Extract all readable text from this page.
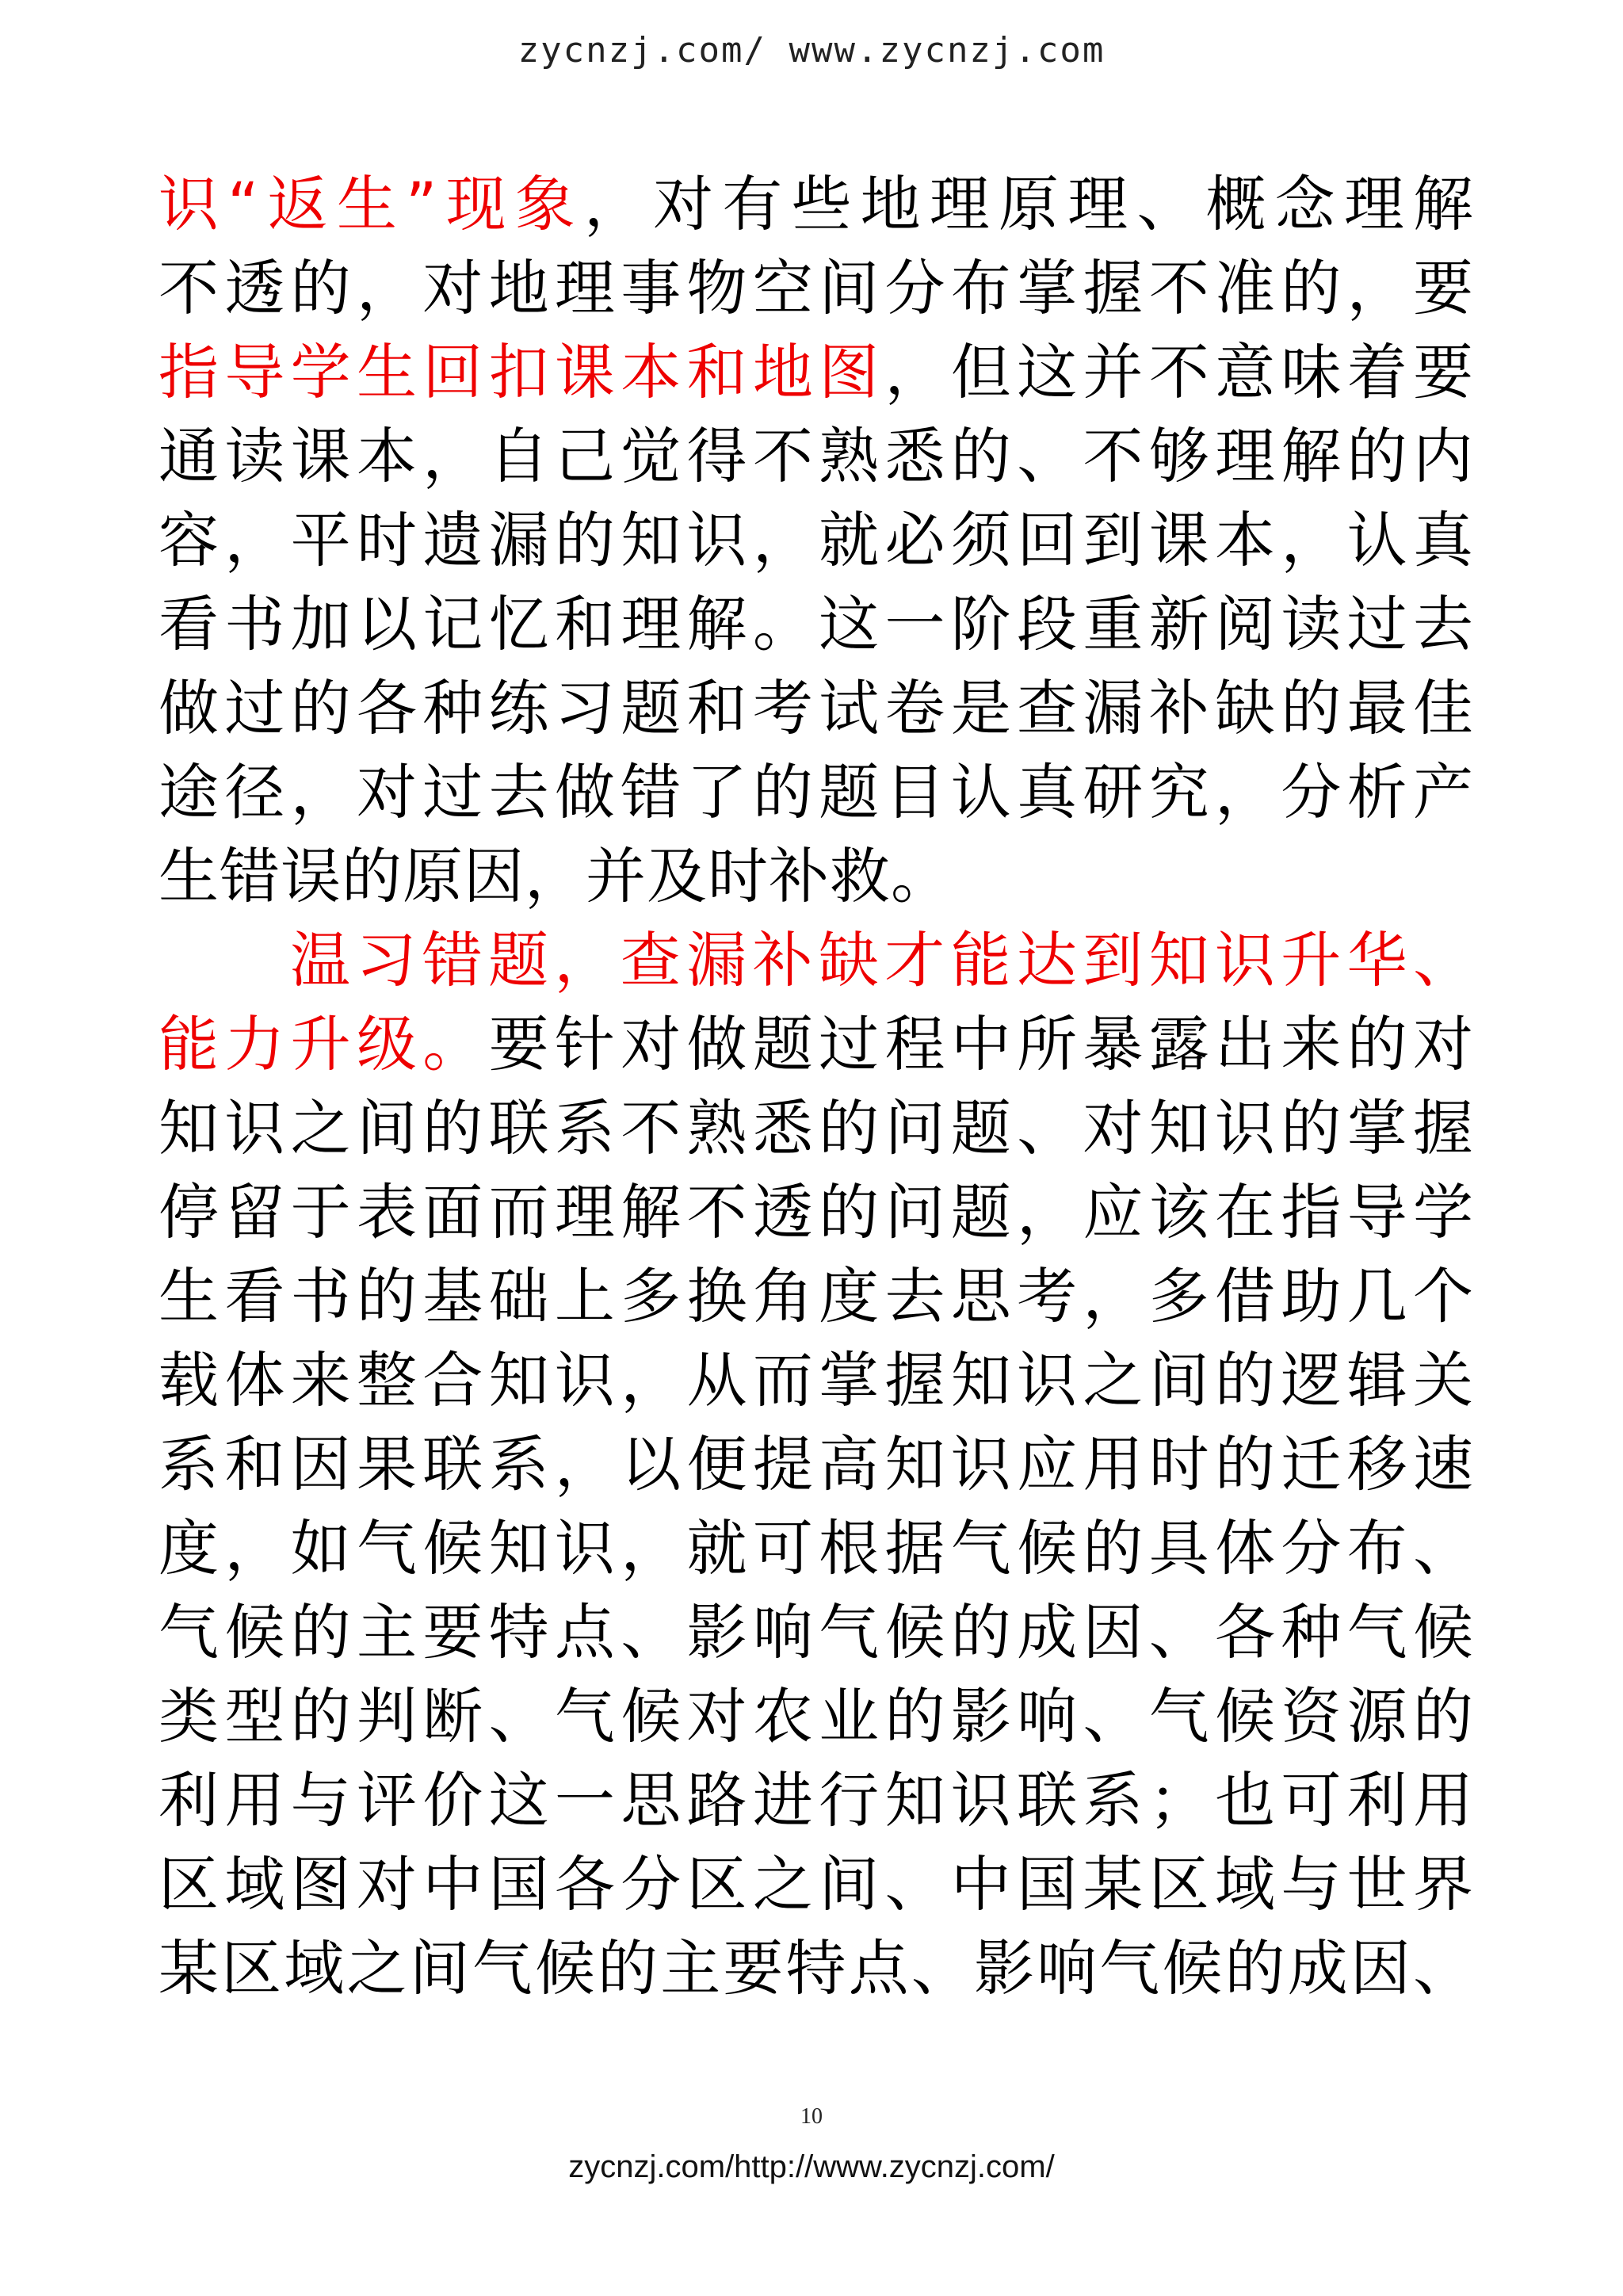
zycnzj.com/ www.zycnzj.com
识“返生”现象，对有些地理原理、概念理解
不透的，对地理事物空间分布掌握不准的，要
指导学生回扣课本和地图，但这并不意味着要
通读课本，自己觉得不熟悉的、不够理解的内
容，平时遗漏的知识，就必须回到课本，认真
看书加以记忆和理解。这一阶段重新阅读过去
做过的各种练习题和考试卷是查漏补缺的最佳
途径，对过去做错了的题目认真研究，分析产
生错误的原因，并及时补救。
温习错题，查漏补缺才能达到知识升华、
能力升级。要针对做题过程中所暴露出来的对
知识之间的联系不熟悉的问题、对知识的掌握
停留于表面而理解不透的问题，应该在指导学
生看书的基础上多换角度去思考，多借助几个
载体来整合知识，从而掌握知识之间的逻辑关
系和因果联系，以便提高知识应用时的迁移速
度，如气候知识，就可根据气候的具体分布、
气候的主要特点、影响气候的成因、各种气候
类型的判断、气候对农业的影响、气候资源的
利用与评价这一思路进行知识联系；也可利用
区域图对中国各分区之间、中国某区域与世界
某区域之间气候的主要特点、影响气候的成因、
10
zycnzj.com/http://www.zycnzj.com/
